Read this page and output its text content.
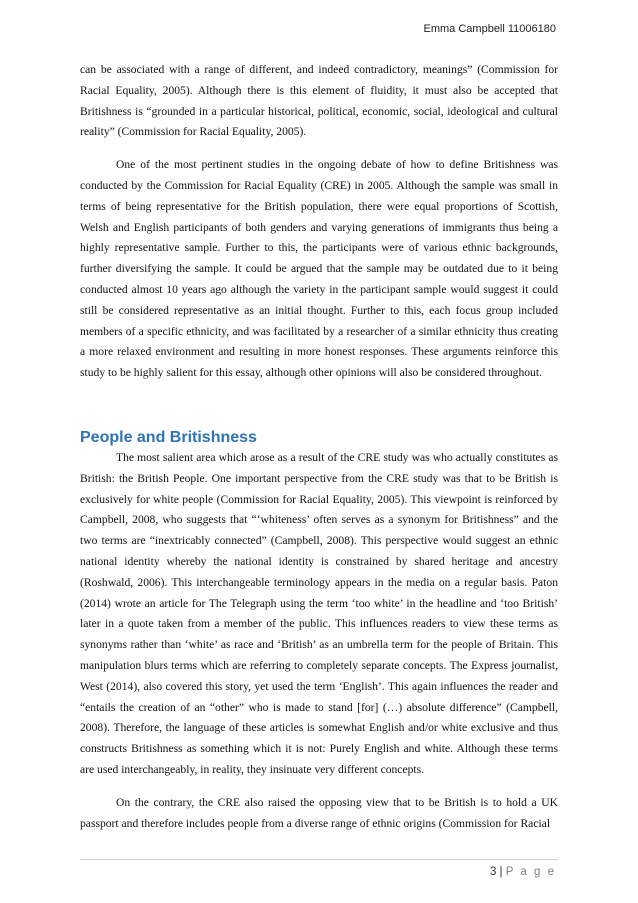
Emma Campbell 11006180

can be associated with a range of different, and indeed contradictory, meanings” (Commission for Racial Equality, 2005). Although there is this element of fluidity, it must also be accepted that Britishness is “grounded in a particular historical, political, economic, social, ideological and cultural reality” (Commission for Racial Equality, 2005).

One of the most pertinent studies in the ongoing debate of how to define Britishness was conducted by the Commission for Racial Equality (CRE) in 2005. Although the sample was small in terms of being representative for the British population, there were equal proportions of Scottish, Welsh and English participants of both genders and varying generations of immigrants thus being a highly representative sample. Further to this, the participants were of various ethnic backgrounds, further diversifying the sample. It could be argued that the sample may be outdated due to it being conducted almost 10 years ago although the variety in the participant sample would suggest it could still be considered representative as an initial thought. Further to this, each focus group included members of a specific ethnicity, and was facilitated by a researcher of a similar ethnicity thus creating a more relaxed environment and resulting in more honest responses. These arguments reinforce this study to be highly salient for this essay, although other opinions will also be considered throughout.

People and Britishness

The most salient area which arose as a result of the CRE study was who actually constitutes as British: the British People. One important perspective from the CRE study was that to be British is exclusively for white people (Commission for Racial Equality, 2005). This viewpoint is reinforced by Campbell, 2008, who suggests that “‘whiteness’ often serves as a synonym for Britishness” and the two terms are “inextricably connected” (Campbell, 2008). This perspective would suggest an ethnic national identity whereby the national identity is constrained by shared heritage and ancestry (Roshwald, 2006). This interchangeable terminology appears in the media on a regular basis. Paton (2014) wrote an article for The Telegraph using the term ‘too white’ in the headline and ‘too British’ later in a quote taken from a member of the public. This influences readers to view these terms as synonyms rather than ‘white’ as race and ‘British’ as an umbrella term for the people of Britain. This manipulation blurs terms which are referring to completely separate concepts. The Express journalist, West (2014), also covered this story, yet used the term ‘English’. This again influences the reader and “entails the creation of an “other” who is made to stand [for] (…) absolute difference” (Campbell, 2008). Therefore, the language of these articles is somewhat English and/or white exclusive and thus constructs Britishness as something which it is not: Purely English and white. Although these terms are used interchangeably, in reality, they insinuate very different concepts.

On the contrary, the CRE also raised the opposing view that to be British is to hold a UK passport and therefore includes people from a diverse range of ethnic origins (Commission for Racial

3 | P a g e
